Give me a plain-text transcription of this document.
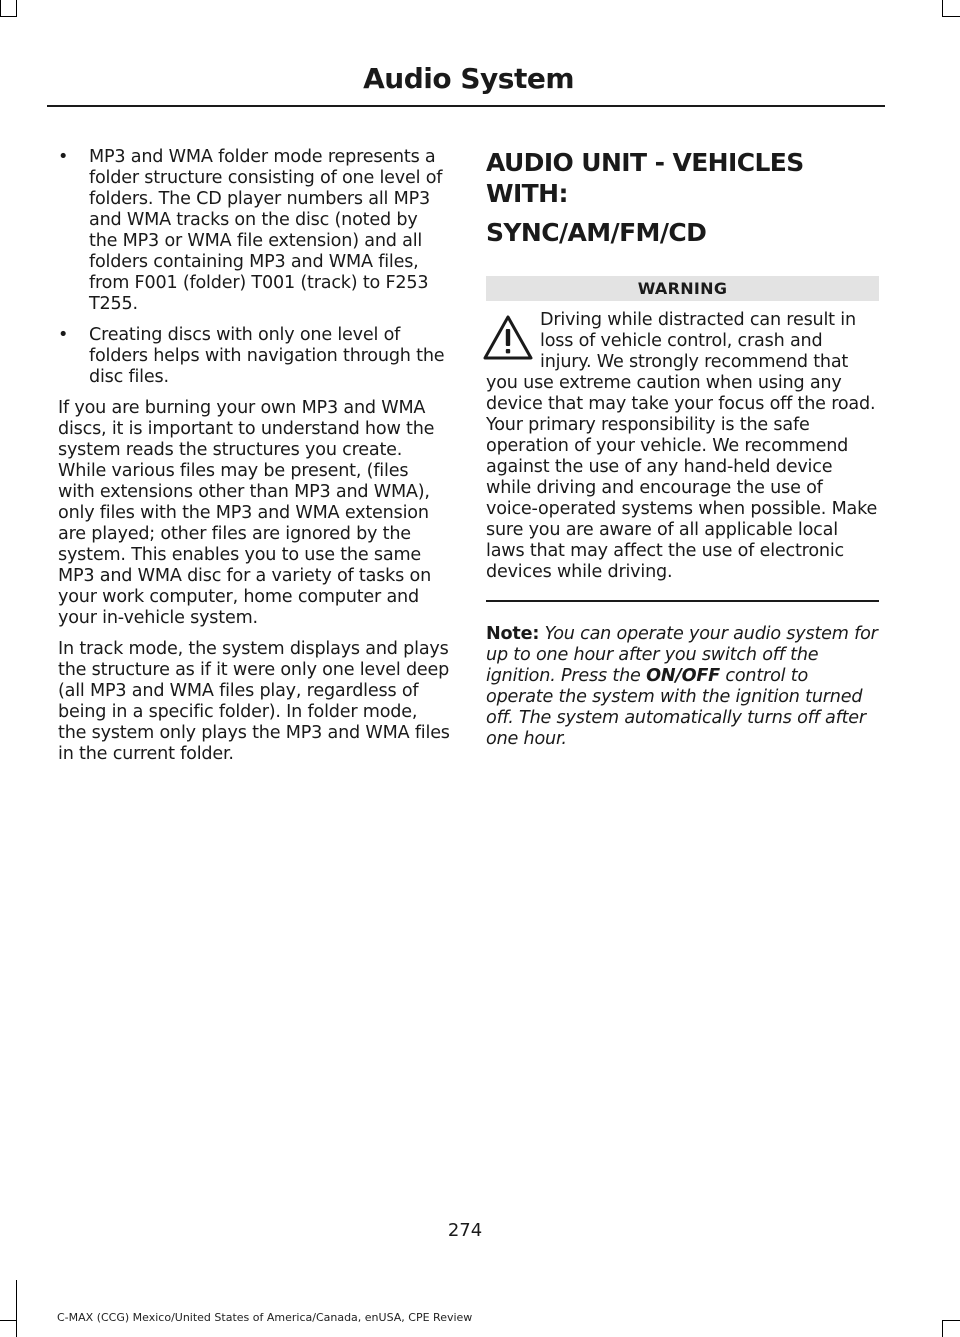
Audio System
• MP3 and WMA folder mode represents a folder structure consisting of one level of folders. The CD player numbers all MP3 and WMA tracks on the disc (noted by the MP3 or WMA file extension) and all folders containing MP3 and WMA files, from F001 (folder) T001 (track) to F253 T255.
• Creating discs with only one level of folders helps with navigation through the disc files.

If you are burning your own MP3 and WMA discs, it is important to understand how the system reads the structures you create. While various files may be present, (files with extensions other than MP3 and WMA), only files with the MP3 and WMA extension are played; other files are ignored by the system. This enables you to use the same MP3 and WMA disc for a variety of tasks on your work computer, home computer and your in-vehicle system.

In track mode, the system displays and plays the structure as if it were only one level deep (all MP3 and WMA files play, regardless of being in a specific folder). In folder mode, the system only plays the MP3 and WMA files in the current folder.

AUDIO UNIT - VEHICLES WITH:
SYNC/AM/FM/CD
WARNING
Driving while distracted can result in loss of vehicle control, crash and injury. We strongly recommend that you use extreme caution when using any device that may take your focus off the road. Your primary responsibility is the safe operation of your vehicle. We recommend against the use of any hand-held device while driving and encourage the use of voice-operated systems when possible. Make sure you are aware of all applicable local laws that may affect the use of electronic devices while driving.

Note: You can operate your audio system for up to one hour after you switch off the ignition. Press the ON/OFF control to operate the system with the ignition turned off. The system automatically turns off after one hour.

274
C-MAX (CCG) Mexico/United States of America/Canada, enUSA, CPE Review
